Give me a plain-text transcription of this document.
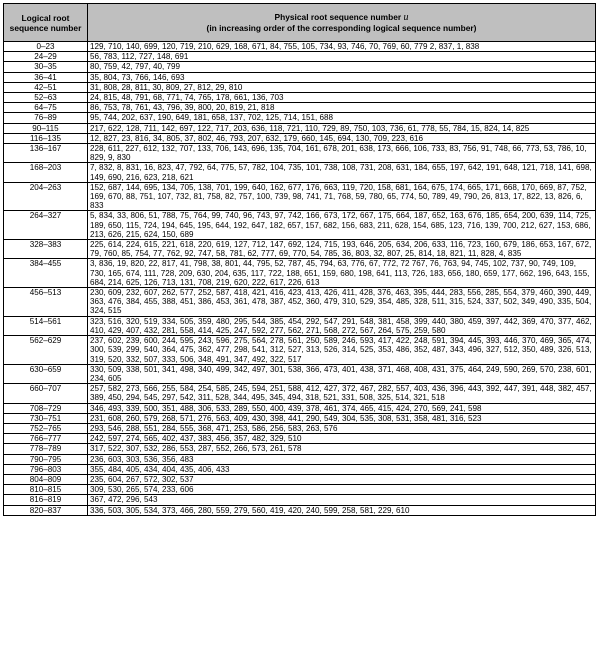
Logical root sequence number	Physical root sequence number u
(in increasing order of the corresponding logical sequence number)
0–23	129, 710, 140, 699, 120, 719, 210, 629, 168, 671, 84, 755, 105, 734, 93, 746, 70, 769, 60, 779 2, 837, 1, 838
24–29	56, 783, 112, 727, 148, 691
30–35	80, 759, 42, 797, 40, 799
36–41	35, 804, 73, 766, 146, 693
42–51	31, 808, 28, 811, 30, 809, 27, 812, 29, 810
52–63	24, 815, 48, 791, 68, 771, 74, 765, 178, 661, 136, 703
64–75	86, 753, 78, 761, 43, 796, 39, 800, 20, 819, 21, 818
76–89	95, 744, 202, 637, 190, 649, 181, 658, 137, 702, 125, 714, 151, 688
90–115	217, 622, 128, 711, 142, 697, 122, 717, 203, 636, 118, 721, 110, 729, 89, 750, 103, 736, 61, 778, 55, 784, 15, 824, 14, 825
116–135	12, 827, 23, 816, 34, 805, 37, 802, 46, 793, 207, 632, 179, 660, 145, 694, 130, 709, 223, 616
136–167	228, 611, 227, 612, 132, 707, 133, 706, 143, 696, 135, 704, 161, 678, 201, 638, 173, 666, 106, 733, 83, 756, 91, 748, 66, 773, 53, 786, 10, 829, 9, 830
168–203	7, 832, 8, 831, 16, 823, 47, 792, 64, 775, 57, 782, 104, 735, 101, 738, 108, 731, 208, 631, 184, 655, 197, 642, 191, 648, 121, 718, 141, 698, 149, 690, 216, 623, 218, 621
204–263	152, 687, 144, 695, 134, 705, 138, 701, 199, 640, 162, 677, 176, 663, 119, 720, 158, 681, 164, 675, 174, 665, 171, 668, 170, 669, 87, 752, 169, 670, 88, 751, 107, 732, 81, 758, 82, 757, 100, 739, 98, 741, 71, 768, 59, 780, 65, 774, 50, 789, 49, 790, 26, 813, 17, 822, 13, 826, 6, 833
264–327	5, 834, 33, 806, 51, 788, 75, 764, 99, 740, 96, 743, 97, 742, 166, 673, 172, 667, 175, 664, 187, 652, 163, 676, 185, 654, 200, 639, 114, 725, 189, 650, 115, 724, 194, 645, 195, 644, 192, 647, 182, 657, 157, 682, 156, 683, 211, 628, 154, 685, 123, 716, 139, 700, 212, 627, 153, 686, 213, 626, 215, 624, 150, 689
328–383	225, 614, 224, 615, 221, 618, 220, 619, 127, 712, 147, 692, 124, 715, 193, 646, 205, 634, 206, 633, 116, 723, 160, 679, 186, 653, 167, 672, 79, 760, 85, 754, 77, 762, 92, 747, 58, 781, 62, 777, 69, 770, 54, 785, 36, 803, 32, 807, 25, 814, 18, 821, 11, 828, 4, 835
384–455	3, 836, 19, 820, 22, 817, 41, 798, 38, 801, 44, 795, 52, 787, 45, 794, 63, 776, 67, 772, 72 767, 76, 763, 94, 745, 102, 737, 90, 749, 109, 730, 165, 674, 111, 728, 209, 630, 204, 635, 117, 722, 188, 651, 159, 680, 198, 641, 113, 726, 183, 656, 180, 659, 177, 662, 196, 643, 155, 684, 214, 625, 126, 713, 131, 708, 219, 620, 222, 617, 226, 613
456–513	230, 609, 232, 607, 262, 577, 252, 587, 418, 421, 416, 423, 413, 426, 411, 428, 376, 463, 395, 444, 283, 556, 285, 554, 379, 460, 390, 449, 363, 476, 384, 455, 388, 451, 386, 453, 361, 478, 387, 452, 360, 479, 310, 529, 354, 485, 328, 511, 315, 524, 337, 502, 349, 490, 335, 504, 324, 515
514–561	323, 516, 320, 519, 334, 505, 359, 480, 295, 544, 385, 454, 292, 547, 291, 548, 381, 458, 399, 440, 380, 459, 397, 442, 369, 470, 377, 462, 410, 429, 407, 432, 281, 558, 414, 425, 247, 592, 277, 562, 271, 568, 272, 567, 264, 575, 259, 580
562–629	237, 602, 239, 600, 244, 595, 243, 596, 275, 564, 278, 561, 250, 589, 246, 593, 417, 422, 248, 591, 394, 445, 393, 446, 370, 469, 365, 474, 300, 539, 299, 540, 364, 475, 362, 477, 298, 541, 312, 527, 313, 526, 314, 525, 353, 486, 352, 487, 343, 496, 327, 512, 350, 489, 326, 513, 319, 520, 332, 507, 333, 506, 348, 491, 347, 492, 322, 517
630–659	330, 509, 338, 501, 341, 498, 340, 499, 342, 497, 301, 538, 366, 473, 401, 438, 371, 468, 408, 431, 375, 464, 249, 590, 269, 570, 238, 601, 234, 605
660–707	257, 582, 273, 566, 255, 584, 254, 585, 245, 594, 251, 588, 412, 427, 372, 467, 282, 557, 403, 436, 396, 443, 392, 447, 391, 448, 382, 457, 389, 450, 294, 545, 297, 542, 311, 528, 344, 495, 345, 494, 318, 521, 331, 508, 325, 514, 321, 518
708–729	346, 493, 339, 500, 351, 488, 306, 533, 289, 550, 400, 439, 378, 461, 374, 465, 415, 424, 270, 569, 241, 598
730–751	231, 608, 260, 579, 268, 571, 276, 563, 409, 430, 398, 441, 290, 549, 304, 535, 308, 531, 358, 481, 316, 523
752–765	293, 546, 288, 551, 284, 555, 368, 471, 253, 586, 256, 583, 263, 576
766–777	242, 597, 274, 565, 402, 437, 383, 456, 357, 482, 329, 510
778–789	317, 522, 307, 532, 286, 553, 287, 552, 266, 573, 261, 578
790–795	236, 603, 303, 536, 356, 483
796–803	355, 484, 405, 434, 404, 435, 406, 433
804–809	235, 604, 267, 572, 302, 537
810–815	309, 530, 265, 574, 233, 606
816–819	367, 472, 296, 543
820–837	336, 503, 305, 534, 373, 466, 280, 559, 279, 560, 419, 420, 240, 599, 258, 581, 229, 610
